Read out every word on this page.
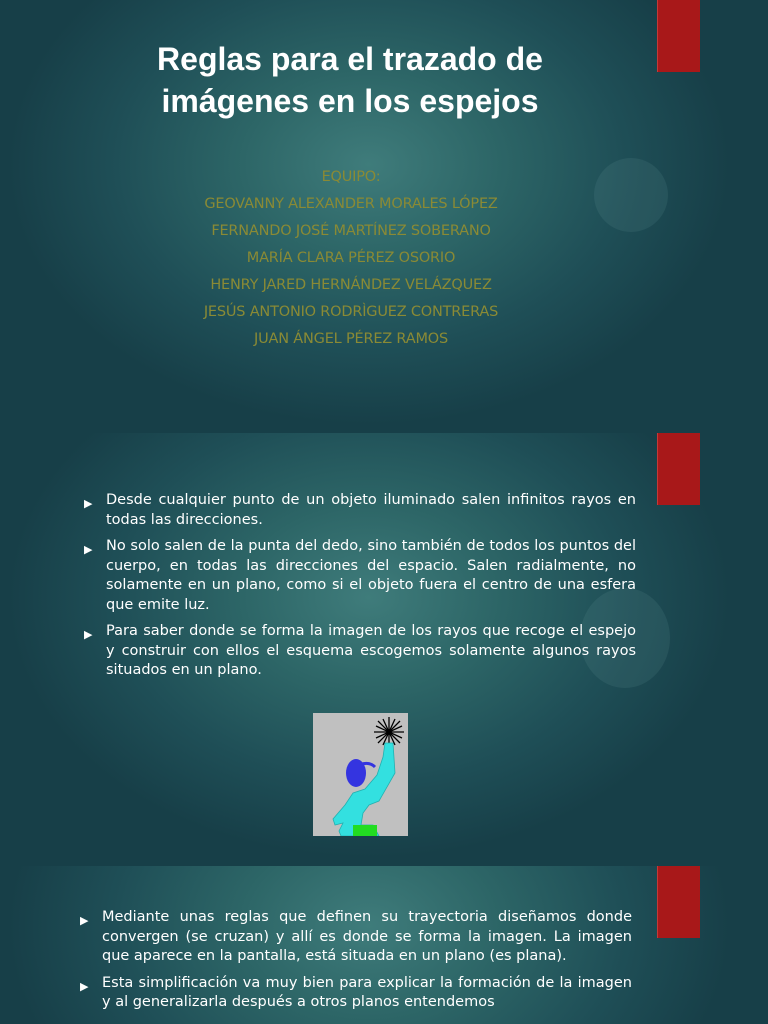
Reglas para el trazado de
imágenes en los espejos
EQUIPO:
GEOVANNY ALEXANDER MORALES LÓPEZ
FERNANDO JOSÉ MARTÍNEZ SOBERANO
MARÍA CLARA PÉREZ OSORIO
HENRY JARED HERNÁNDEZ VELÁZQUEZ
JESÚS ANTONIO RODRÌGUEZ CONTRERAS
JUAN ÁNGEL PÉREZ RAMOS
▶ Desde cualquier punto de un objeto iluminado salen infinitos rayos en todas las direcciones.
▶ No solo salen de la punta del dedo, sino también de todos los puntos del cuerpo, en todas las direcciones del espacio. Salen radialmente, no solamente en un plano, como si el objeto fuera el centro de una esfera que emite luz.
▶ Para saber donde se forma la imagen de los rayos que recoge el espejo y construir con ellos el esquema escogemos solamente algunos rayos situados en un plano.
▶ Mediante unas reglas que definen su trayectoria diseñamos donde convergen (se cruzan) y allí es donde se forma la imagen. La imagen que aparece en la pantalla, está situada en un plano (es plana).
▶ Esta simplificación va muy bien para explicar la formación de la imagen y al generalizarla después a otros planos entendemos
